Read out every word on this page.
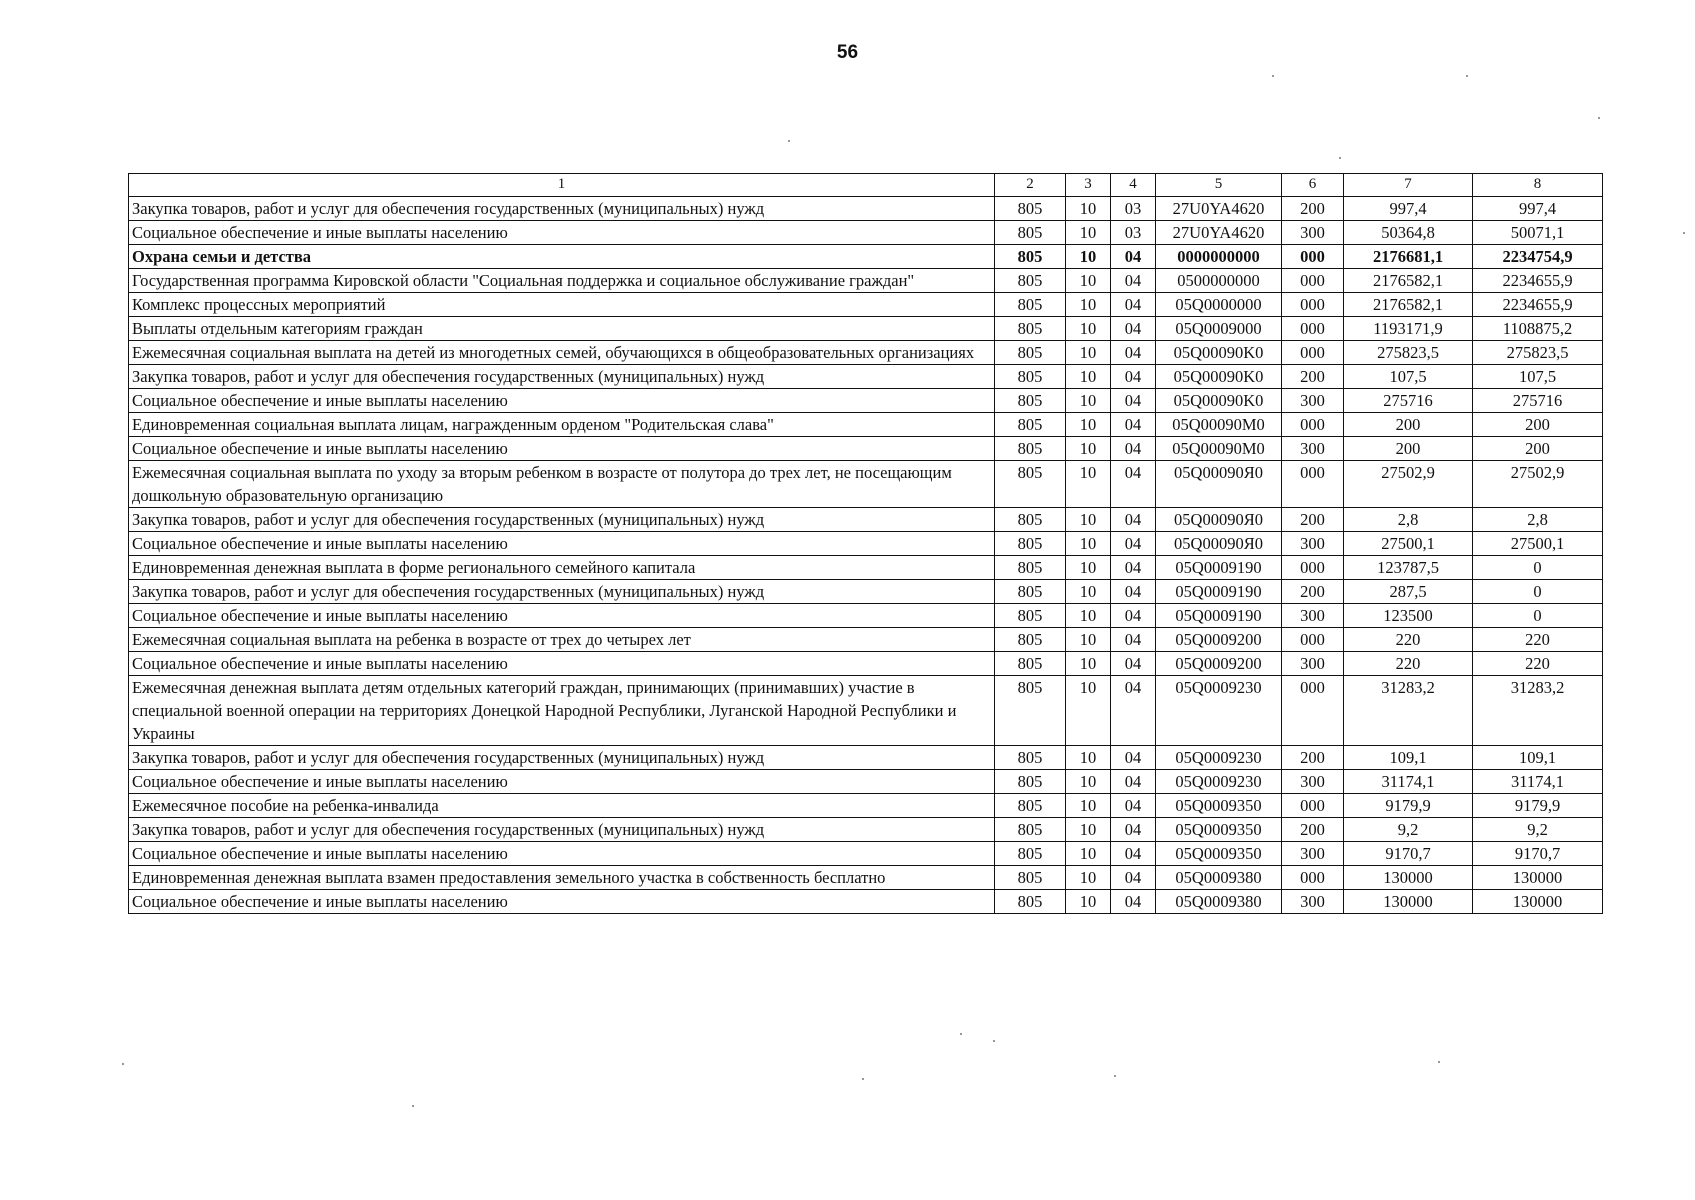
56
1	2	3	4	5	6	7	8
Закупка товаров, работ и услуг для обеспечения государственных (муниципальных) нужд	805	10	03	27U0YA4620	200	997,4	997,4
Социальное обеспечение и иные выплаты населению	805	10	03	27U0YA4620	300	50364,8	50071,1
Охрана семьи и детства	805	10	04	0000000000	000	2176681,1	2234754,9
Государственная программа Кировской области "Социальная поддержка и социальное обслуживание граждан"	805	10	04	0500000000	000	2176582,1	2234655,9
Комплекс процессных мероприятий	805	10	04	05Q0000000	000	2176582,1	2234655,9
Выплаты отдельным категориям граждан	805	10	04	05Q0009000	000	1193171,9	1108875,2
Ежемесячная социальная выплата на детей из многодетных семей, обучающихся в общеобразовательных организациях	805	10	04	05Q00090K0	000	275823,5	275823,5
Закупка товаров, работ и услуг для обеспечения государственных (муниципальных) нужд	805	10	04	05Q00090K0	200	107,5	107,5
Социальное обеспечение и иные выплаты населению	805	10	04	05Q00090K0	300	275716	275716
Единовременная социальная выплата лицам, награжденным орденом "Родительская слава"	805	10	04	05Q00090M0	000	200	200
Социальное обеспечение и иные выплаты населению	805	10	04	05Q00090M0	300	200	200
Ежемесячная социальная выплата по уходу за вторым ребенком в возрасте от полутора до трех лет, не посещающим дошкольную образовательную организацию	805	10	04	05Q00090Я0	000	27502,9	27502,9
Закупка товаров, работ и услуг для обеспечения государственных (муниципальных) нужд	805	10	04	05Q00090Я0	200	2,8	2,8
Социальное обеспечение и иные выплаты населению	805	10	04	05Q00090Я0	300	27500,1	27500,1
Единовременная денежная выплата в форме регионального семейного капитала	805	10	04	05Q0009190	000	123787,5	0
Закупка товаров, работ и услуг для обеспечения государственных (муниципальных) нужд	805	10	04	05Q0009190	200	287,5	0
Социальное обеспечение и иные выплаты населению	805	10	04	05Q0009190	300	123500	0
Ежемесячная социальная выплата на ребенка в возрасте от трех до четырех лет	805	10	04	05Q0009200	000	220	220
Социальное обеспечение и иные выплаты населению	805	10	04	05Q0009200	300	220	220
Ежемесячная денежная выплата детям отдельных категорий граждан, принимающих (принимавших) участие в специальной военной операции на территориях Донецкой Народной Республики, Луганской Народной Республики и Украины	805	10	04	05Q0009230	000	31283,2	31283,2
Закупка товаров, работ и услуг для обеспечения государственных (муниципальных) нужд	805	10	04	05Q0009230	200	109,1	109,1
Социальное обеспечение и иные выплаты населению	805	10	04	05Q0009230	300	31174,1	31174,1
Ежемесячное пособие на ребенка-инвалида	805	10	04	05Q0009350	000	9179,9	9179,9
Закупка товаров, работ и услуг для обеспечения государственных (муниципальных) нужд	805	10	04	05Q0009350	200	9,2	9,2
Социальное обеспечение и иные выплаты населению	805	10	04	05Q0009350	300	9170,7	9170,7
Единовременная денежная выплата взамен предоставления земельного участка в собственность бесплатно	805	10	04	05Q0009380	000	130000	130000
Социальное обеспечение и иные выплаты населению	805	10	04	05Q0009380	300	130000	130000
